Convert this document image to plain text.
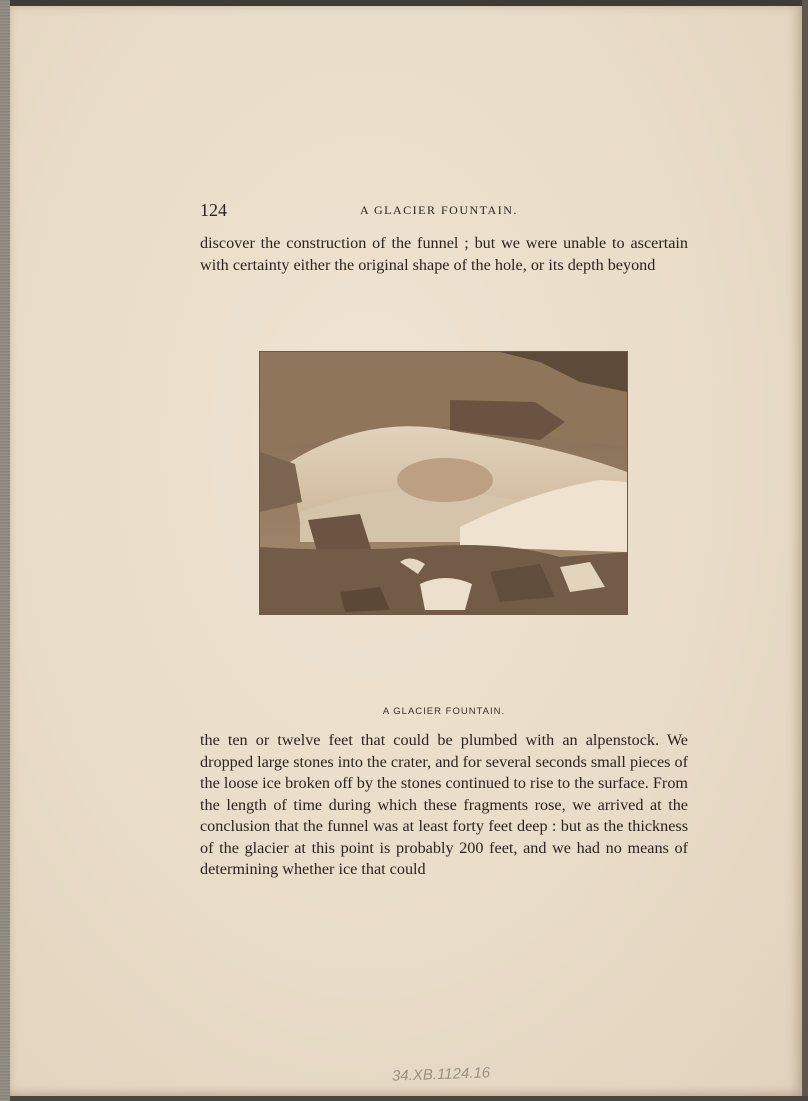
124	A GLACIER FOUNTAIN.
discover the construction of the funnel ; but we were unable to ascertain with certainty either the original shape of the hole, or its depth beyond
A GLACIER FOUNTAIN.
the ten or twelve feet that could be plumbed with an alpenstock. We dropped large stones into the crater, and for several seconds small pieces of the loose ice broken off by the stones continued to rise to the surface. From the length of time during which these fragments rose, we arrived at the conclusion that the funnel was at least forty feet deep : but as the thickness of the glacier at this point is probably 200 feet, and we had no means of determining whether ice that could
34.XB.1124.16
